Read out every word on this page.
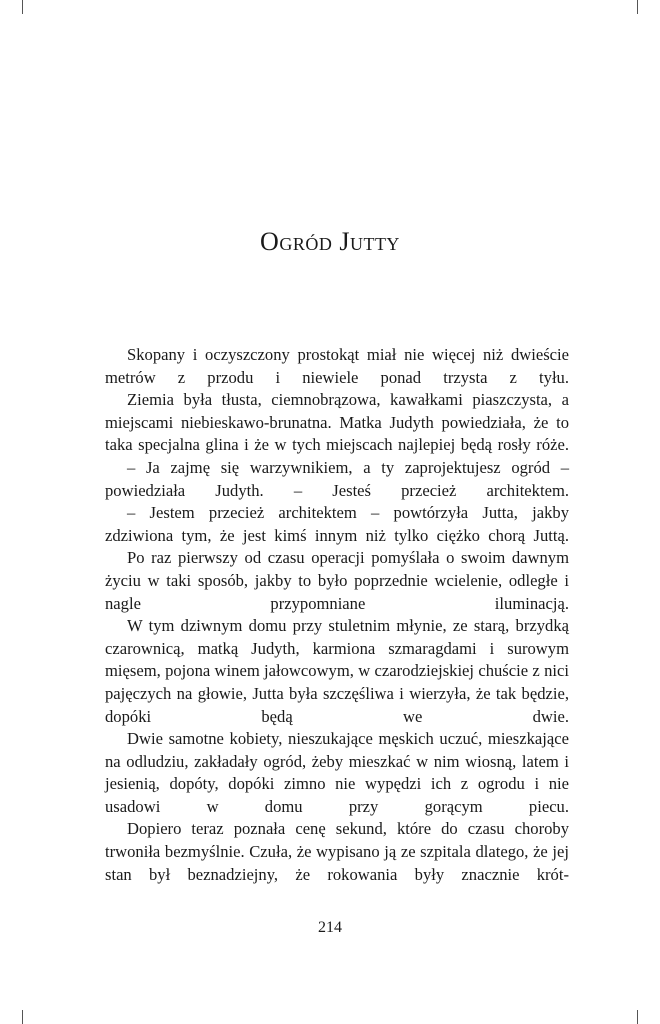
Ogród Jutty

Skopany i oczyszczony prostokąt miał nie więcej niż dwieście metrów z przodu i niewiele ponad trzysta z tyłu.

Ziemia była tłusta, ciemnobrązowa, kawałkami piaszczysta, a miejscami niebieskawo-brunatna. Matka Judyth powiedziała, że to taka specjalna glina i że w tych miejscach najlepiej będą rosły róże.

– Ja zajmę się warzywnikiem, a ty zaprojektujesz ogród – powiedziała Judyth. – Jesteś przecież architektem.

– Jestem przecież architektem – powtórzyła Jutta, jakby zdziwiona tym, że jest kimś innym niż tylko ciężko chorą Juttą.

Po raz pierwszy od czasu operacji pomyślała o swoim dawnym życiu w taki sposób, jakby to było poprzednie wcielenie, odległe i nagle przypomniane iluminacją.

W tym dziwnym domu przy stuletnim młynie, ze starą, brzydką czarownicą, matką Judyth, karmiona szmaragdami i surowym mięsem, pojona winem jałowcowym, w czarodziejskiej chuście z nici pajęczych na głowie, Jutta była szczęśliwa i wierzyła, że tak będzie, dopóki będą we dwie.

Dwie samotne kobiety, nieszukające męskich uczuć, mieszkające na odludziu, zakładały ogród, żeby mieszkać w nim wiosną, latem i jesienią, dopóty, dopóki zimno nie wypędzi ich z ogrodu i nie usadowi w domu przy gorącym piecu.

Dopiero teraz poznała cenę sekund, które do czasu choroby trwoniła bezmyślnie. Czuła, że wypisano ją ze szpitala dlatego, że jej stan był beznadziejny, że rokowania były znacznie krót-

214
